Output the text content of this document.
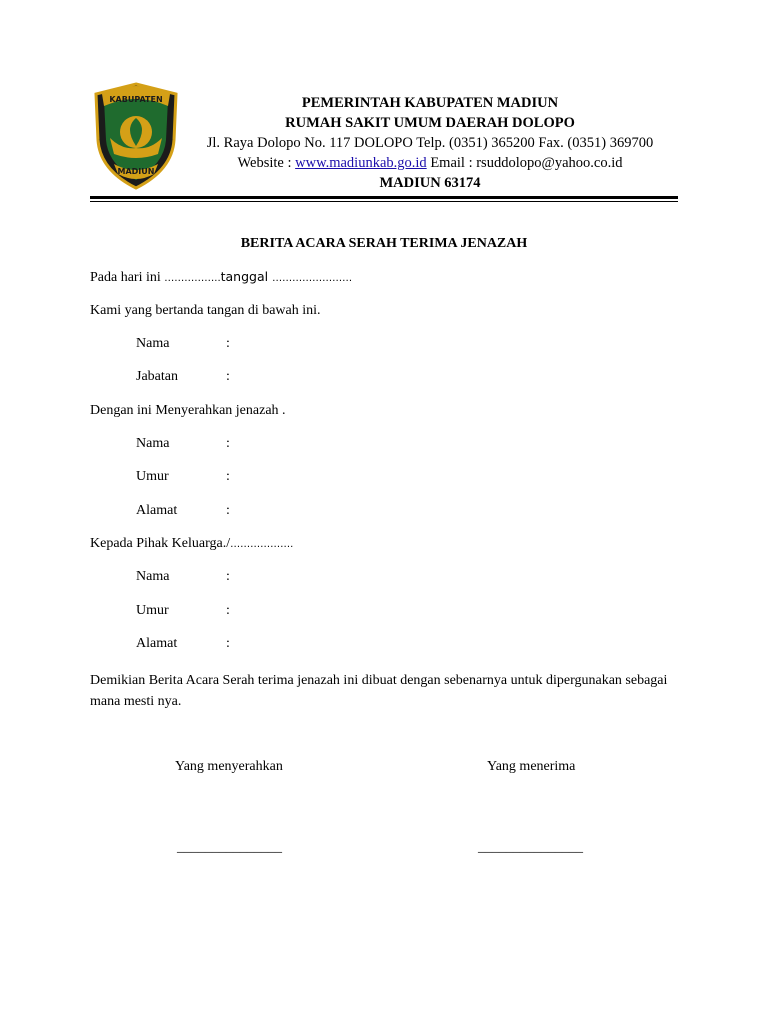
KABUPATEN
MADIUN
PEMERINTAH KABUPATEN MADIUN
RUMAH SAKIT UMUM DAERAH DOLOPO
Jl. Raya Dolopo No. 117 DOLOPO Telp. (0351) 365200 Fax. (0351) 369700
Website : www.madiunkab.go.id Email : rsuddolopo@yahoo.co.id
MADIUN 63174
BERITA ACARA SERAH TERIMA JENAZAH
Pada hari ini ……………..tanggal ……………………
Kami yang bertanda tangan di bawah ini.
Nama	:
Jabatan	:
Dengan ini Menyerahkan jenazah .
Nama	:
Umur	:
Alamat	:
Kepada Pihak Keluarga./……………….
Nama	:
Umur	:
Alamat	:
Demikian Berita Acara Serah terima jenazah ini dibuat dengan sebenarnya untuk dipergunakan sebagai mana mesti nya.
Yang menyerahkan	Yang menerima
_______________	_______________
